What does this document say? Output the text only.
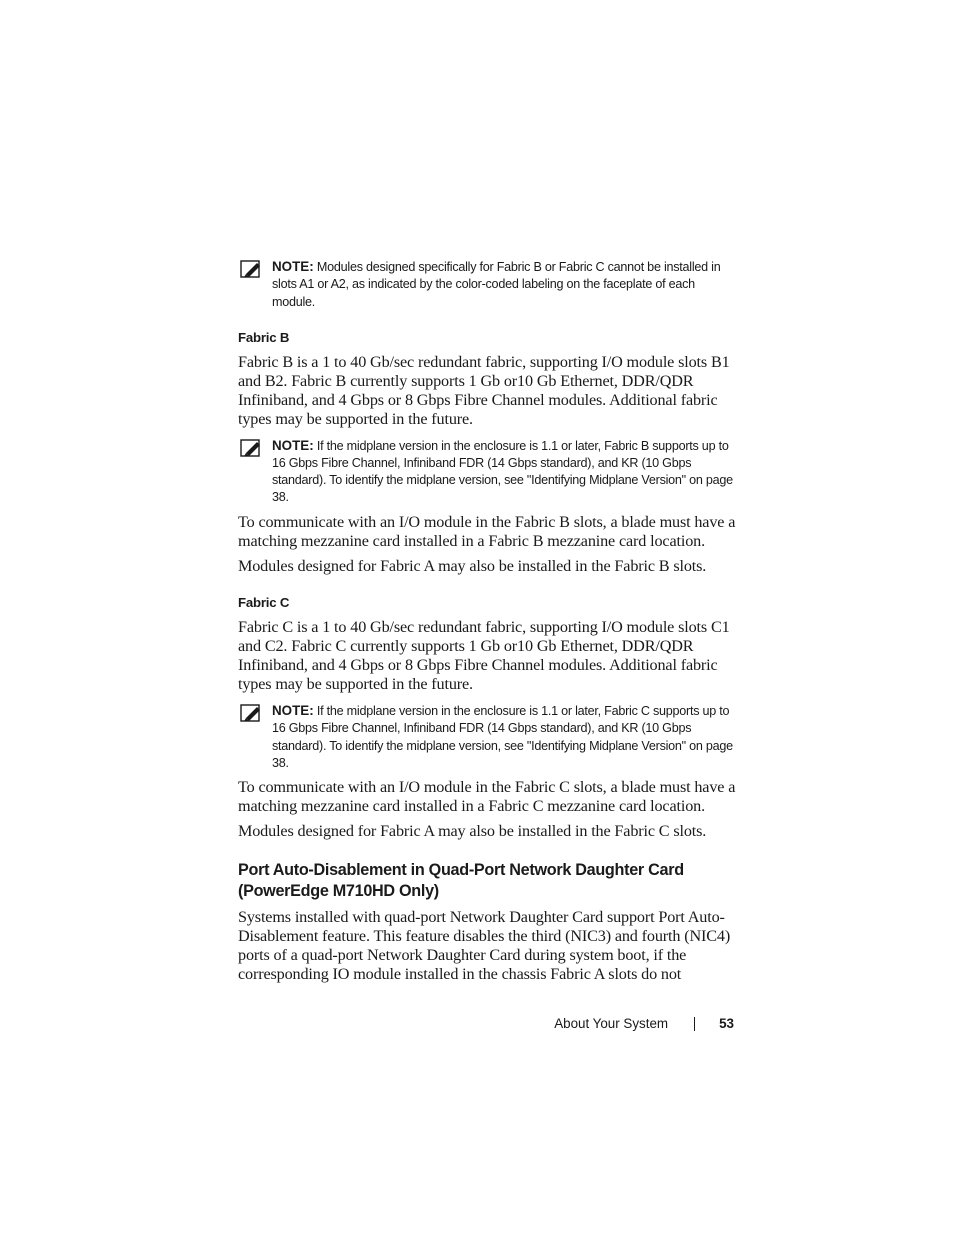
NOTE: Modules designed specifically for Fabric B or Fabric C cannot be installed in slots A1 or A2, as indicated by the color-coded labeling on the faceplate of each module.
Fabric B

Fabric B is a 1 to 40 Gb/sec redundant fabric, supporting I/O module slots B1 and B2. Fabric B currently supports 1 Gb or10 Gb Ethernet, DDR/QDR Infiniband, and 4 Gbps or 8 Gbps Fibre Channel modules. Additional fabric types may be supported in the future.

NOTE: If the midplane version in the enclosure is 1.1 or later, Fabric B supports up to 16 Gbps Fibre Channel, Infiniband FDR (14 Gbps standard), and KR (10 Gbps standard). To identify the midplane version, see "Identifying Midplane Version" on page 38.

To communicate with an I/O module in the Fabric B slots, a blade must have a matching mezzanine card installed in a Fabric B mezzanine card location.

Modules designed for Fabric A may also be installed in the Fabric B slots.

Fabric C

Fabric C is a 1 to 40 Gb/sec redundant fabric, supporting I/O module slots C1 and C2. Fabric C currently supports 1 Gb or10 Gb Ethernet, DDR/QDR Infiniband, and 4 Gbps or 8 Gbps Fibre Channel modules. Additional fabric types may be supported in the future.

NOTE: If the midplane version in the enclosure is 1.1 or later, Fabric C supports up to 16 Gbps Fibre Channel, Infiniband FDR (14 Gbps standard), and KR (10 Gbps standard). To identify the midplane version, see "Identifying Midplane Version" on page 38.

To communicate with an I/O module in the Fabric C slots, a blade must have a matching mezzanine card installed in a Fabric C mezzanine card location.

Modules designed for Fabric A may also be installed in the Fabric C slots.

Port Auto-Disablement in Quad-Port Network Daughter Card
(PowerEdge M710HD Only)

Systems installed with quad-port Network Daughter Card support Port Auto-Disablement feature. This feature disables the third (NIC3) and fourth (NIC4) ports of a quad-port Network Daughter Card during system boot, if the corresponding IO module installed in the chassis Fabric A slots do not

About Your System	53
